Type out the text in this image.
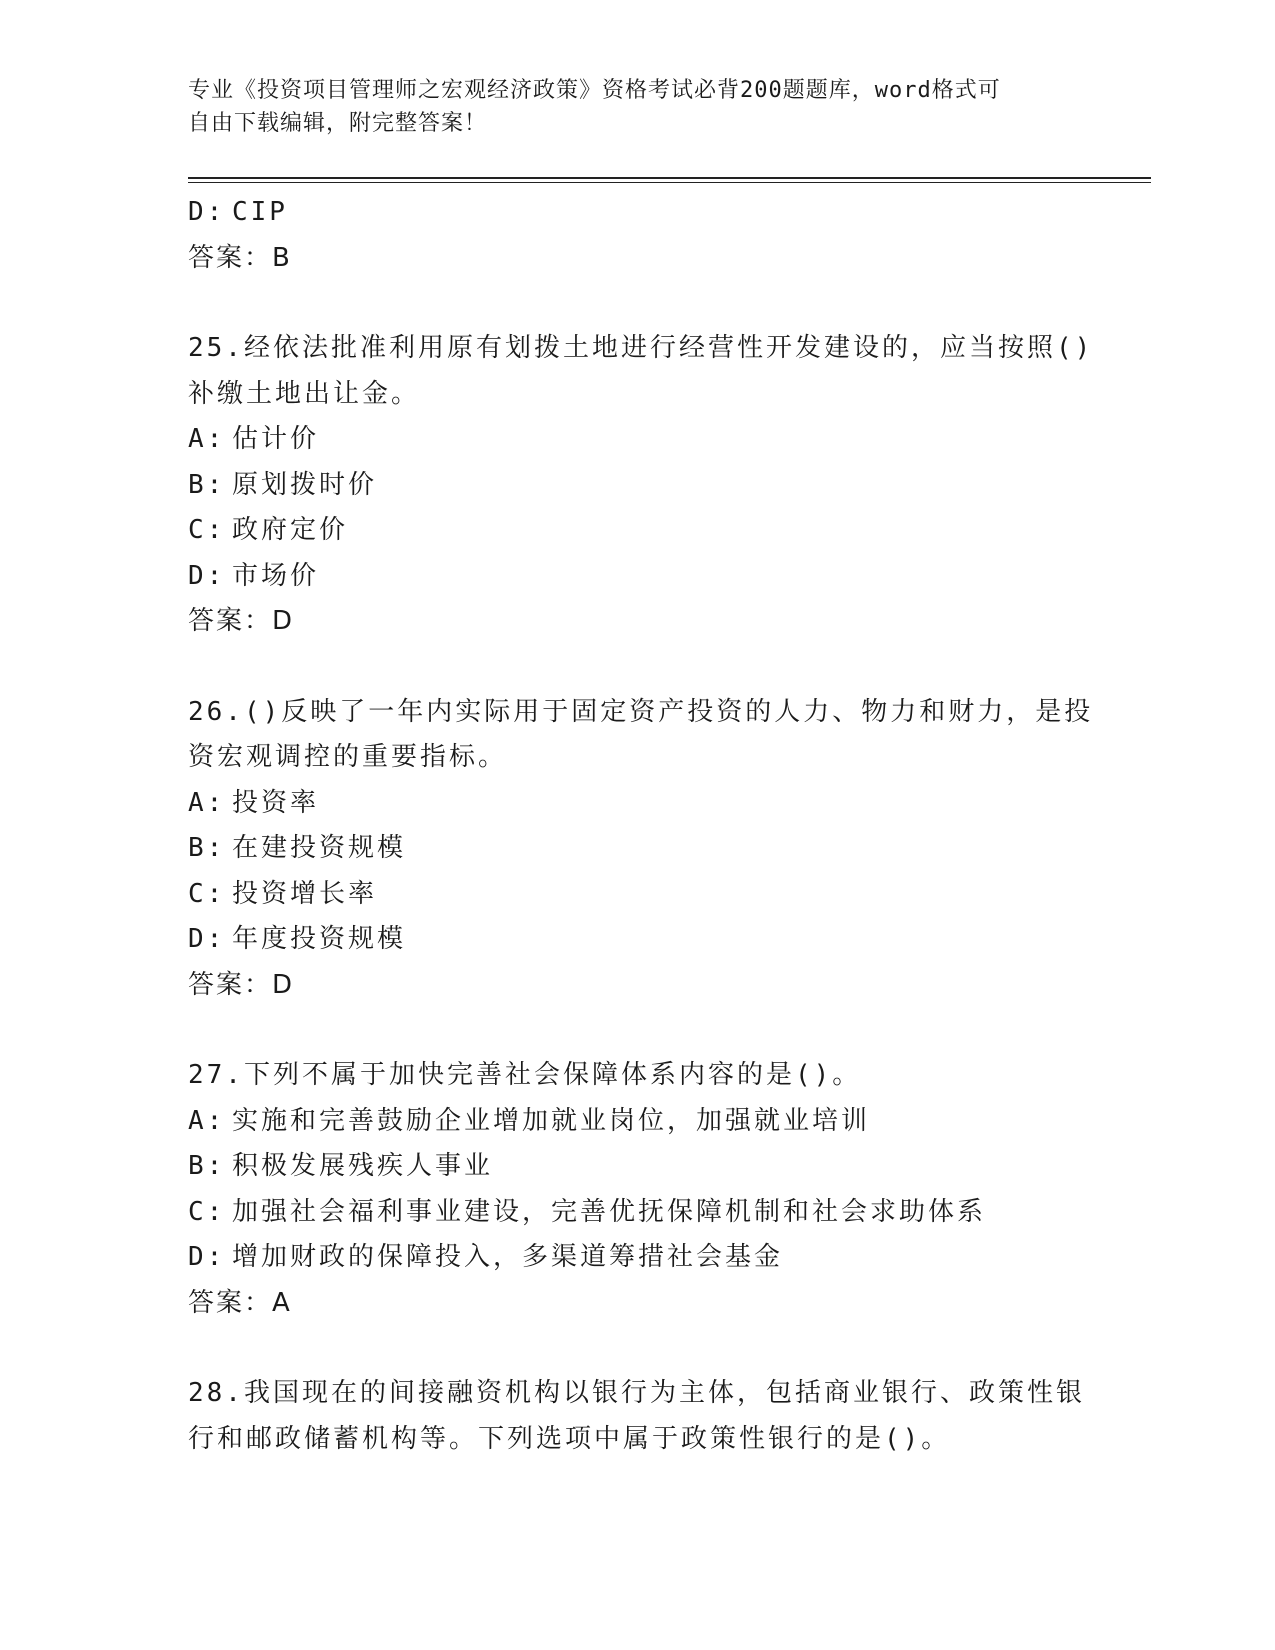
专业《投资项目管理师之宏观经济政策》资格考试必背200题题库，word格式可
自由下载编辑，附完整答案！
D: CIP
答案：B
25.经依法批准利用原有划拨土地进行经营性开发建设的，应当按照()
补缴土地出让金。
A: 估计价
B: 原划拨时价
C: 政府定价
D: 市场价
答案：D
26.()反映了一年内实际用于固定资产投资的人力、物力和财力，是投
资宏观调控的重要指标。
A: 投资率
B: 在建投资规模
C: 投资增长率
D: 年度投资规模
答案：D
27.下列不属于加快完善社会保障体系内容的是()。
A: 实施和完善鼓励企业增加就业岗位，加强就业培训
B: 积极发展残疾人事业
C: 加强社会福利事业建设，完善优抚保障机制和社会求助体系
D: 增加财政的保障投入，多渠道筹措社会基金
答案：A
28.我国现在的间接融资机构以银行为主体，包括商业银行、政策性银
行和邮政储蓄机构等。下列选项中属于政策性银行的是()。
